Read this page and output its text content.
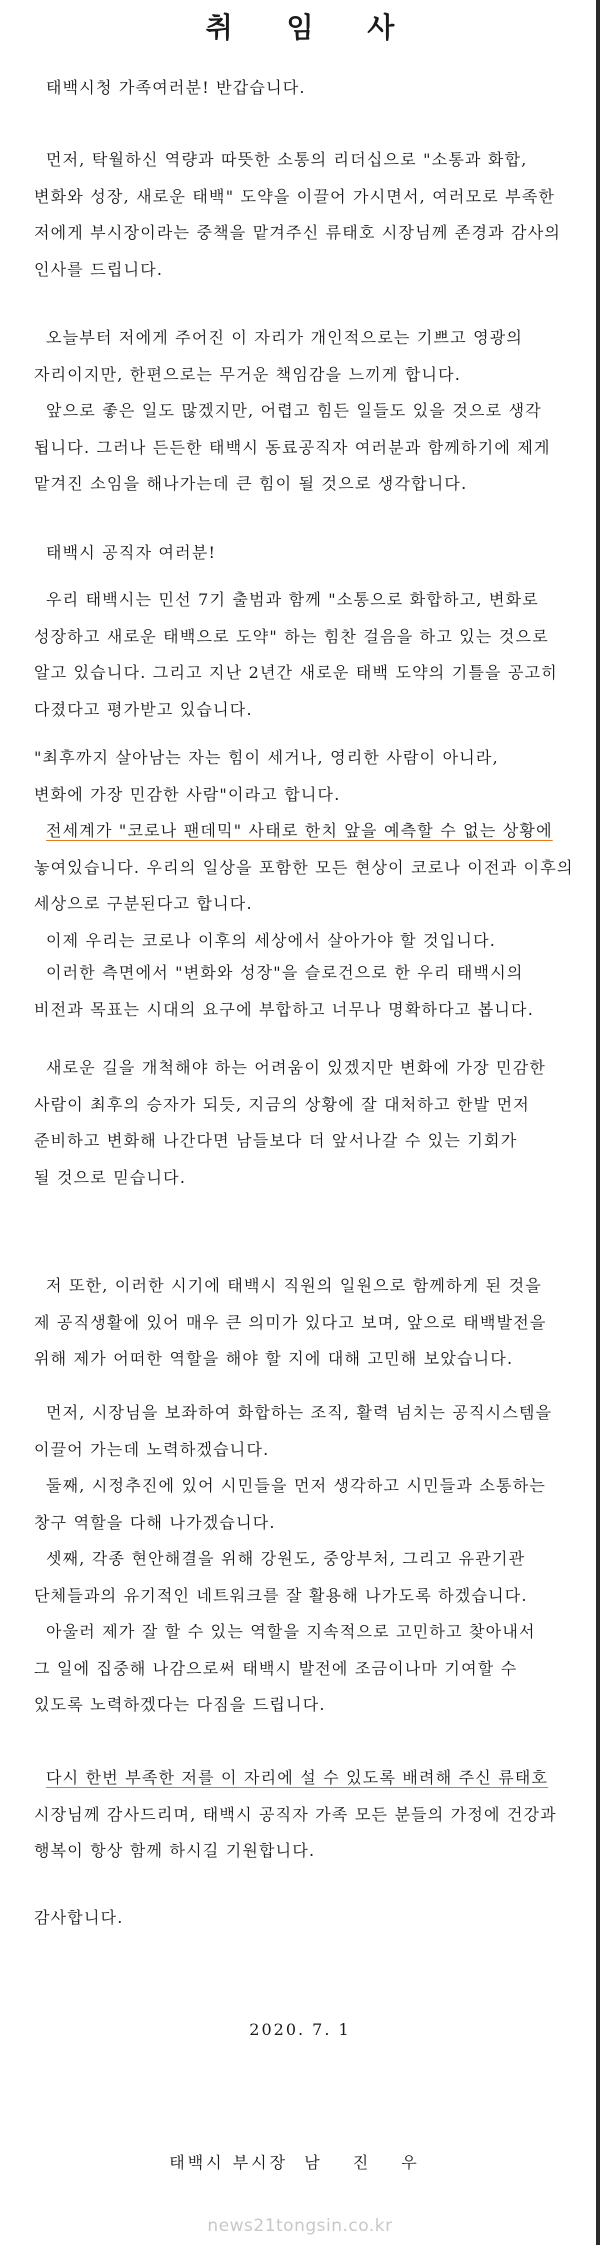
취 임 사
태백시청 가족여러분! 반갑습니다.
먼저, 탁월하신 역량과 따뜻한 소통의 리더십으로 "소통과 화합,
변화와 성장, 새로운 태백" 도약을 이끌어 가시면서, 여러모로 부족한
저에게 부시장이라는 중책을 맡겨주신 류태호 시장님께 존경과 감사의
인사를 드립니다.
오늘부터 저에게 주어진 이 자리가 개인적으로는 기쁘고 영광의
자리이지만, 한편으로는 무거운 책임감을 느끼게 합니다.
앞으로 좋은 일도 많겠지만, 어렵고 힘든 일들도 있을 것으로 생각
됩니다. 그러나 든든한 태백시 동료공직자 여러분과 함께하기에 제게
맡겨진 소임을 해나가는데 큰 힘이 될 것으로 생각합니다.
태백시 공직자 여러분!
우리 태백시는 민선 7기 출범과 함께 "소통으로 화합하고, 변화로
성장하고 새로운 태백으로 도약" 하는 힘찬 걸음을 하고 있는 것으로
알고 있습니다. 그리고 지난 2년간 새로운 태백 도약의 기틀을 공고히
다졌다고 평가받고 있습니다.
"최후까지 살아남는 자는 힘이 세거나, 영리한 사람이 아니라,
변화에 가장 민감한 사람"이라고 합니다.
전세계가 "코로나 팬데믹" 사태로 한치 앞을 예측할 수 없는 상황에
놓여있습니다. 우리의 일상을 포함한 모든 현상이 코로나 이전과 이후의
세상으로 구분된다고 합니다.
이제 우리는 코로나 이후의 세상에서 살아가야 할 것입니다.
이러한 측면에서 "변화와 성장"을 슬로건으로 한 우리 태백시의
비전과 목표는 시대의 요구에 부합하고 너무나 명확하다고 봅니다.
새로운 길을 개척해야 하는 어려움이 있겠지만 변화에 가장 민감한
사람이 최후의 승자가 되듯, 지금의 상황에 잘 대처하고 한발 먼저
준비하고 변화해 나간다면 남들보다 더 앞서나갈 수 있는 기회가
될 것으로 믿습니다.
저 또한, 이러한 시기에 태백시 직원의 일원으로 함께하게 된 것을
제 공직생활에 있어 매우 큰 의미가 있다고 보며, 앞으로 태백발전을
위해 제가 어떠한 역할을 해야 할 지에 대해 고민해 보았습니다.
먼저, 시장님을 보좌하여 화합하는 조직, 활력 넘치는 공직시스템을
이끌어 가는데 노력하겠습니다.
둘째, 시정추진에 있어 시민들을 먼저 생각하고 시민들과 소통하는
창구 역할을 다해 나가겠습니다.
셋째, 각종 현안해결을 위해 강원도, 중앙부처, 그리고 유관기관
단체들과의 유기적인 네트워크를 잘 활용해 나가도록 하겠습니다.
아울러 제가 잘 할 수 있는 역할을 지속적으로 고민하고 찾아내서
그 일에 집중해 나감으로써 태백시 발전에 조금이나마 기여할 수
있도록 노력하겠다는 다짐을 드립니다.
다시 한번 부족한 저를 이 자리에 설 수 있도록 배려해 주신 류태호
시장님께 감사드리며, 태백시 공직자 가족 모든 분들의 가정에 건강과
행복이 항상 함께 하시길 기원합니다.
감사합니다.
2020. 7. 1
태백시 부시장 남 진 우
news21tongsin.co.kr
